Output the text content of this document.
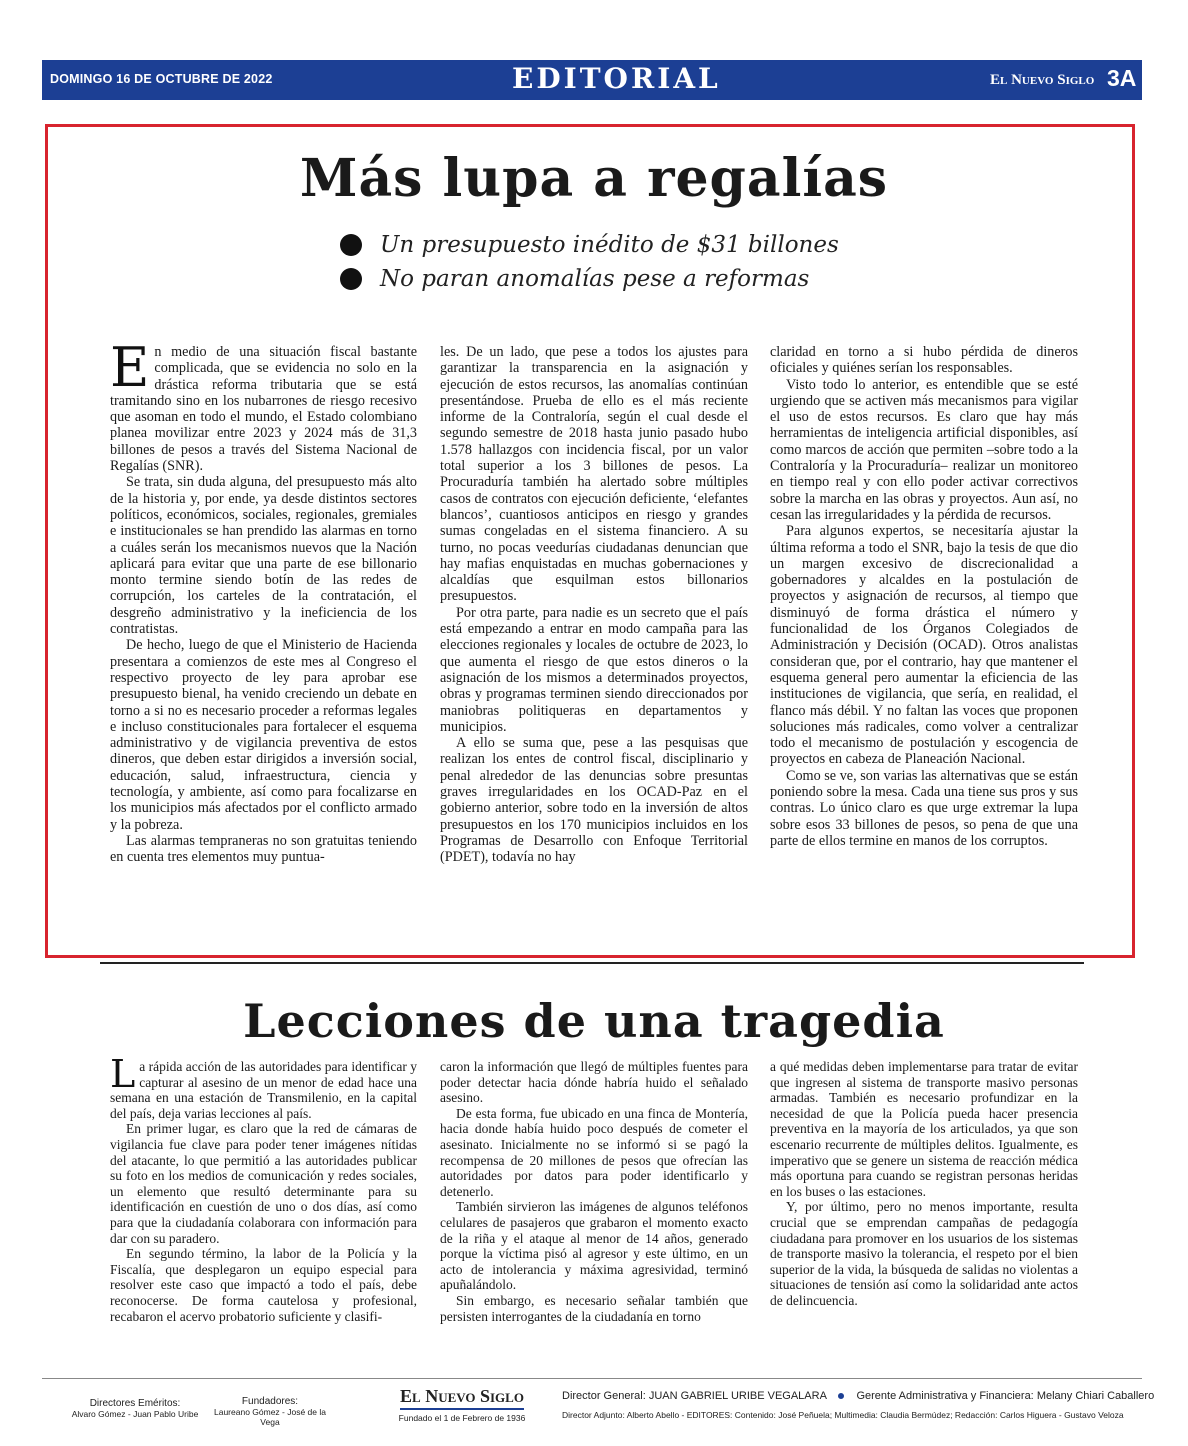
DOMINGO 16 DE OCTUBRE DE 2022	EDITORIAL	El Nuevo Siglo 3A
Más lupa a regalías
Un presupuesto inédito de $31 billones
No paran anomalías pese a reformas

En medio de una situación fiscal bastante complicada, que se evidencia no solo en la drástica reforma tributaria que se está tramitando sino en los nubarrones de riesgo recesivo que asoman en todo el mundo, el Estado colombiano planea movilizar entre 2023 y 2024 más de 31,3 billones de pesos a través del Sistema Nacional de Regalías (SNR).

Se trata, sin duda alguna, del presupuesto más alto de la historia y, por ende, ya desde distintos sectores políticos, económicos, sociales, regionales, gremiales e institucionales se han prendido las alarmas en torno a cuáles serán los mecanismos nuevos que la Nación aplicará para evitar que una parte de ese billonario monto termine siendo botín de las redes de corrupción, los carteles de la contratación, el desgreño administrativo y la ineficiencia de los contratistas.

De hecho, luego de que el Ministerio de Hacienda presentara a comienzos de este mes al Congreso el respectivo proyecto de ley para aprobar ese presupuesto bienal, ha venido creciendo un debate en torno a si no es necesario proceder a reformas legales e incluso constitucionales para fortalecer el esquema administrativo y de vigilancia preventiva de estos dineros, que deben estar dirigidos a inversión social, educación, salud, infraestructura, ciencia y tecnología, y ambiente, así como para focalizarse en los municipios más afectados por el conflicto armado y la pobreza.

Las alarmas tempraneras no son gratuitas teniendo en cuenta tres elementos muy puntua-

les. De un lado, que pese a todos los ajustes para garantizar la transparencia en la asignación y ejecución de estos recursos, las anomalías continúan presentándose. Prueba de ello es el más reciente informe de la Contraloría, según el cual desde el segundo semestre de 2018 hasta junio pasado hubo 1.578 hallazgos con incidencia fiscal, por un valor total superior a los 3 billones de pesos. La Procuraduría también ha alertado sobre múltiples casos de contratos con ejecución deficiente, ‘elefantes blancos’, cuantiosos anticipos en riesgo y grandes sumas congeladas en el sistema financiero. A su turno, no pocas veedurías ciudadanas denuncian que hay mafias enquistadas en muchas gobernaciones y alcaldías que esquilman estos billonarios presupuestos.

Por otra parte, para nadie es un secreto que el país está empezando a entrar en modo campaña para las elecciones regionales y locales de octubre de 2023, lo que aumenta el riesgo de que estos dineros o la asignación de los mismos a determinados proyectos, obras y programas terminen siendo direccionados por maniobras politiqueras en departamentos y municipios.

A ello se suma que, pese a las pesquisas que realizan los entes de control fiscal, disciplinario y penal alrededor de las denuncias sobre presuntas graves irregularidades en los OCAD-Paz en el gobierno anterior, sobre todo en la inversión de altos presupuestos en los 170 municipios incluidos en los Programas de Desarrollo con Enfoque Territorial (PDET), todavía no hay

claridad en torno a si hubo pérdida de dineros oficiales y quiénes serían los responsables.

Visto todo lo anterior, es entendible que se esté urgiendo que se activen más mecanismos para vigilar el uso de estos recursos. Es claro que hay más herramientas de inteligencia artificial disponibles, así como marcos de acción que permiten –sobre todo a la Contraloría y la Procuraduría– realizar un monitoreo en tiempo real y con ello poder activar correctivos sobre la marcha en las obras y proyectos. Aun así, no cesan las irregularidades y la pérdida de recursos.

Para algunos expertos, se necesitaría ajustar la última reforma a todo el SNR, bajo la tesis de que dio un margen excesivo de discrecionalidad a gobernadores y alcaldes en la postulación de proyectos y asignación de recursos, al tiempo que disminuyó de forma drástica el número y funcionalidad de los Órganos Colegiados de Administración y Decisión (OCAD). Otros analistas consideran que, por el contrario, hay que mantener el esquema general pero aumentar la eficiencia de las instituciones de vigilancia, que sería, en realidad, el flanco más débil. Y no faltan las voces que proponen soluciones más radicales, como volver a centralizar todo el mecanismo de postulación y escogencia de proyectos en cabeza de Planeación Nacional.

Como se ve, son varias las alternativas que se están poniendo sobre la mesa. Cada una tiene sus pros y sus contras. Lo único claro es que urge extremar la lupa sobre esos 33 billones de pesos, so pena de que una parte de ellos termine en manos de los corruptos.

Lecciones de una tragedia

La rápida acción de las autoridades para identificar y capturar al asesino de un menor de edad hace una semana en una estación de Transmilenio, en la capital del país, deja varias lecciones al país.

En primer lugar, es claro que la red de cámaras de vigilancia fue clave para poder tener imágenes nítidas del atacante, lo que permitió a las autoridades publicar su foto en los medios de comunicación y redes sociales, un elemento que resultó determinante para su identificación en cuestión de uno o dos días, así como para que la ciudadanía colaborara con información para dar con su paradero.

En segundo término, la labor de la Policía y la Fiscalía, que desplegaron un equipo especial para resolver este caso que impactó a todo el país, debe reconocerse. De forma cautelosa y profesional, recabaron el acervo probatorio suficiente y clasifi-

caron la información que llegó de múltiples fuentes para poder detectar hacia dónde habría huido el señalado asesino.

De esta forma, fue ubicado en una finca de Montería, hacia donde había huido poco después de cometer el asesinato. Inicialmente no se informó si se pagó la recompensa de 20 millones de pesos que ofrecían las autoridades por datos para poder identificarlo y detenerlo.

También sirvieron las imágenes de algunos teléfonos celulares de pasajeros que grabaron el momento exacto de la riña y el ataque al menor de 14 años, generado porque la víctima pisó al agresor y este último, en un acto de intolerancia y máxima agresividad, terminó apuñalándolo.

Sin embargo, es necesario señalar también que persisten interrogantes de la ciudadanía en torno

a qué medidas deben implementarse para tratar de evitar que ingresen al sistema de transporte masivo personas armadas. También es necesario profundizar en la necesidad de que la Policía pueda hacer presencia preventiva en la mayoría de los articulados, ya que son escenario recurrente de múltiples delitos. Igualmente, es imperativo que se genere un sistema de reacción médica más oportuna para cuando se registran personas heridas en los buses o las estaciones.

Y, por último, pero no menos importante, resulta crucial que se emprendan campañas de pedagogía ciudadana para promover en los usuarios de los sistemas de transporte masivo la tolerancia, el respeto por el bien superior de la vida, la búsqueda de salidas no violentas a situaciones de tensión así como la solidaridad ante actos de delincuencia.

Directores Eméritos:
Alvaro Gómez - Juan Pablo Uribe
Fundadores:
Laureano Gómez - José de la Vega
El Nuevo Siglo
Fundado el 1 de Febrero de 1936
Director General: JUAN GABRIEL URIBE VEGALARA	Gerente Administrativa y Financiera: Melany Chiari Caballero
Director Adjunto: Alberto Abello - EDITORES: Contenido: José Peñuela; Multimedia: Claudia Bermúdez; Redacción: Carlos Higuera - Gustavo Veloza
